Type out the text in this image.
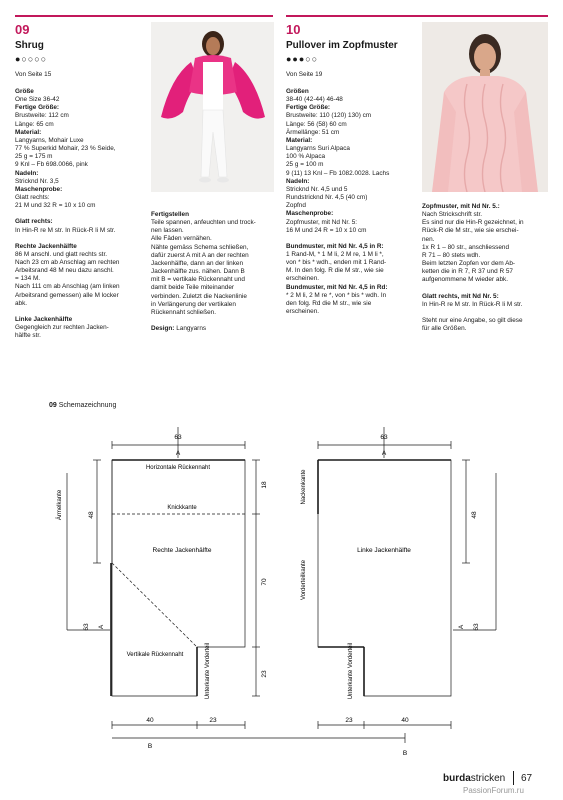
09
Shrug
●○○○○
Von Seite 15

Größe

One Size 36-42

Fertige Größe:

Brustweite: 112 cm

Länge: 65 cm

Material:

Langyarns, Mohair Luxe

77 % Superkid Mohair, 23 % Seide,

25 g = 175 m

9 Knl – Fb 698.0066, pink

Nadeln:

Stricknd Nr. 3,5

Maschenprobe:

Glatt rechts:

21 M und 32 R = 10 x 10 cm

Glatt rechts:

In Hin-R re M str. In Rück-R li M str.

Rechte Jackenhälfte

86 M anschl. und glatt rechts str.

Nach 23 cm ab Anschlag am rechten

Arbeitsrand 48 M neu dazu anschl.

= 134 M.

Nach 111 cm ab Anschlag (am linken

Arbeitsrand gemessen) alle M locker

abk.

Linke Jackenhälfte

Gegengleich zur rechten Jacken-

hälfte str.

Fertigstellen

Teile spannen, anfeuchten und trock-

nen lassen.

Alle Fäden vernähen.

Nähte gemäss Schema schließen,

dafür zuerst A mit A an der rechten

Jackenhälfte, dann an der linken

Jackenhälfte zus. nähen. Dann B

mit B = vertikale Rückennaht und

damit beide Teile miteinander

verbinden. Zuletzt die Nackenlinie

in Verlängerung der vertikalen

Rückennaht schließen.

Design: Langyarns

10
Pullover im Zopfmuster
●●●○○
Von Seite 19

Größen

38-40 (42-44) 46-48

Fertige Größe:

Brustweite: 110 (120) 130) cm

Länge: 56 (58) 60 cm

Ärmellänge: 51 cm

Material:

Langyarns Suri Alpaca

100 % Alpaca

25 g = 100 m

9 (11) 13 Knl – Fb 1082.0028. Lachs

Nadeln:

Stricknd Nr. 4,5 und 5

Rundstricknd Nr. 4,5 (40 cm)

Zopfnd

Maschenprobe:

Zopfmuster, mit Nd Nr. 5:

16 M und 24 R = 10 x 10 cm

Bundmuster, mit Nd Nr. 4,5 in R:

1 Rand-M, * 1 M li, 2 M re, 1 M li *,

von * bis * wdh., enden mit 1 Rand-

M. In den folg. R die M str., wie sie

erscheinen.

Bundmuster, mit Nd Nr. 4,5 in Rd:

* 2 M li, 2 M re *, von * bis * wdh. In

den folg. Rd die M str., wie sie

erscheinen.

Zopfmuster, mit Nd Nr. 5.:

Nach Strickschrift str.

Es sind nur die Hin-R gezeichnet, in

Rück-R die M str., wie sie erschei-

nen.

1x R 1 – 80 str., anschliessend

R 71 – 80 stets wdh.

Beim letzten Zopfen vor dem Ab-

ketten die in R 7, R 37 und R 57

aufgenommene M wieder abk.

Glatt rechts, mit Nd Nr. 5:

In Hin-R re M str. In Rück-R li M str.

Steht nur eine Angabe, so gilt diese

für alle Größen.

09 Schemazeichnung
63
A
Horizontale Rückennaht
Knickkante
Rechte Jackenhälfte
Vertikale Rückennaht
Ärmelkante
Unterkante Vorderteil
48
63 A
18
70
23
40	23
B
63
A
Linke Jackenhälfte
Nackenkante
Vorderteilkante
Unterkante Vorderteil
48
A 63
23	40
B
burdastricken 67
PassionForum.ru
